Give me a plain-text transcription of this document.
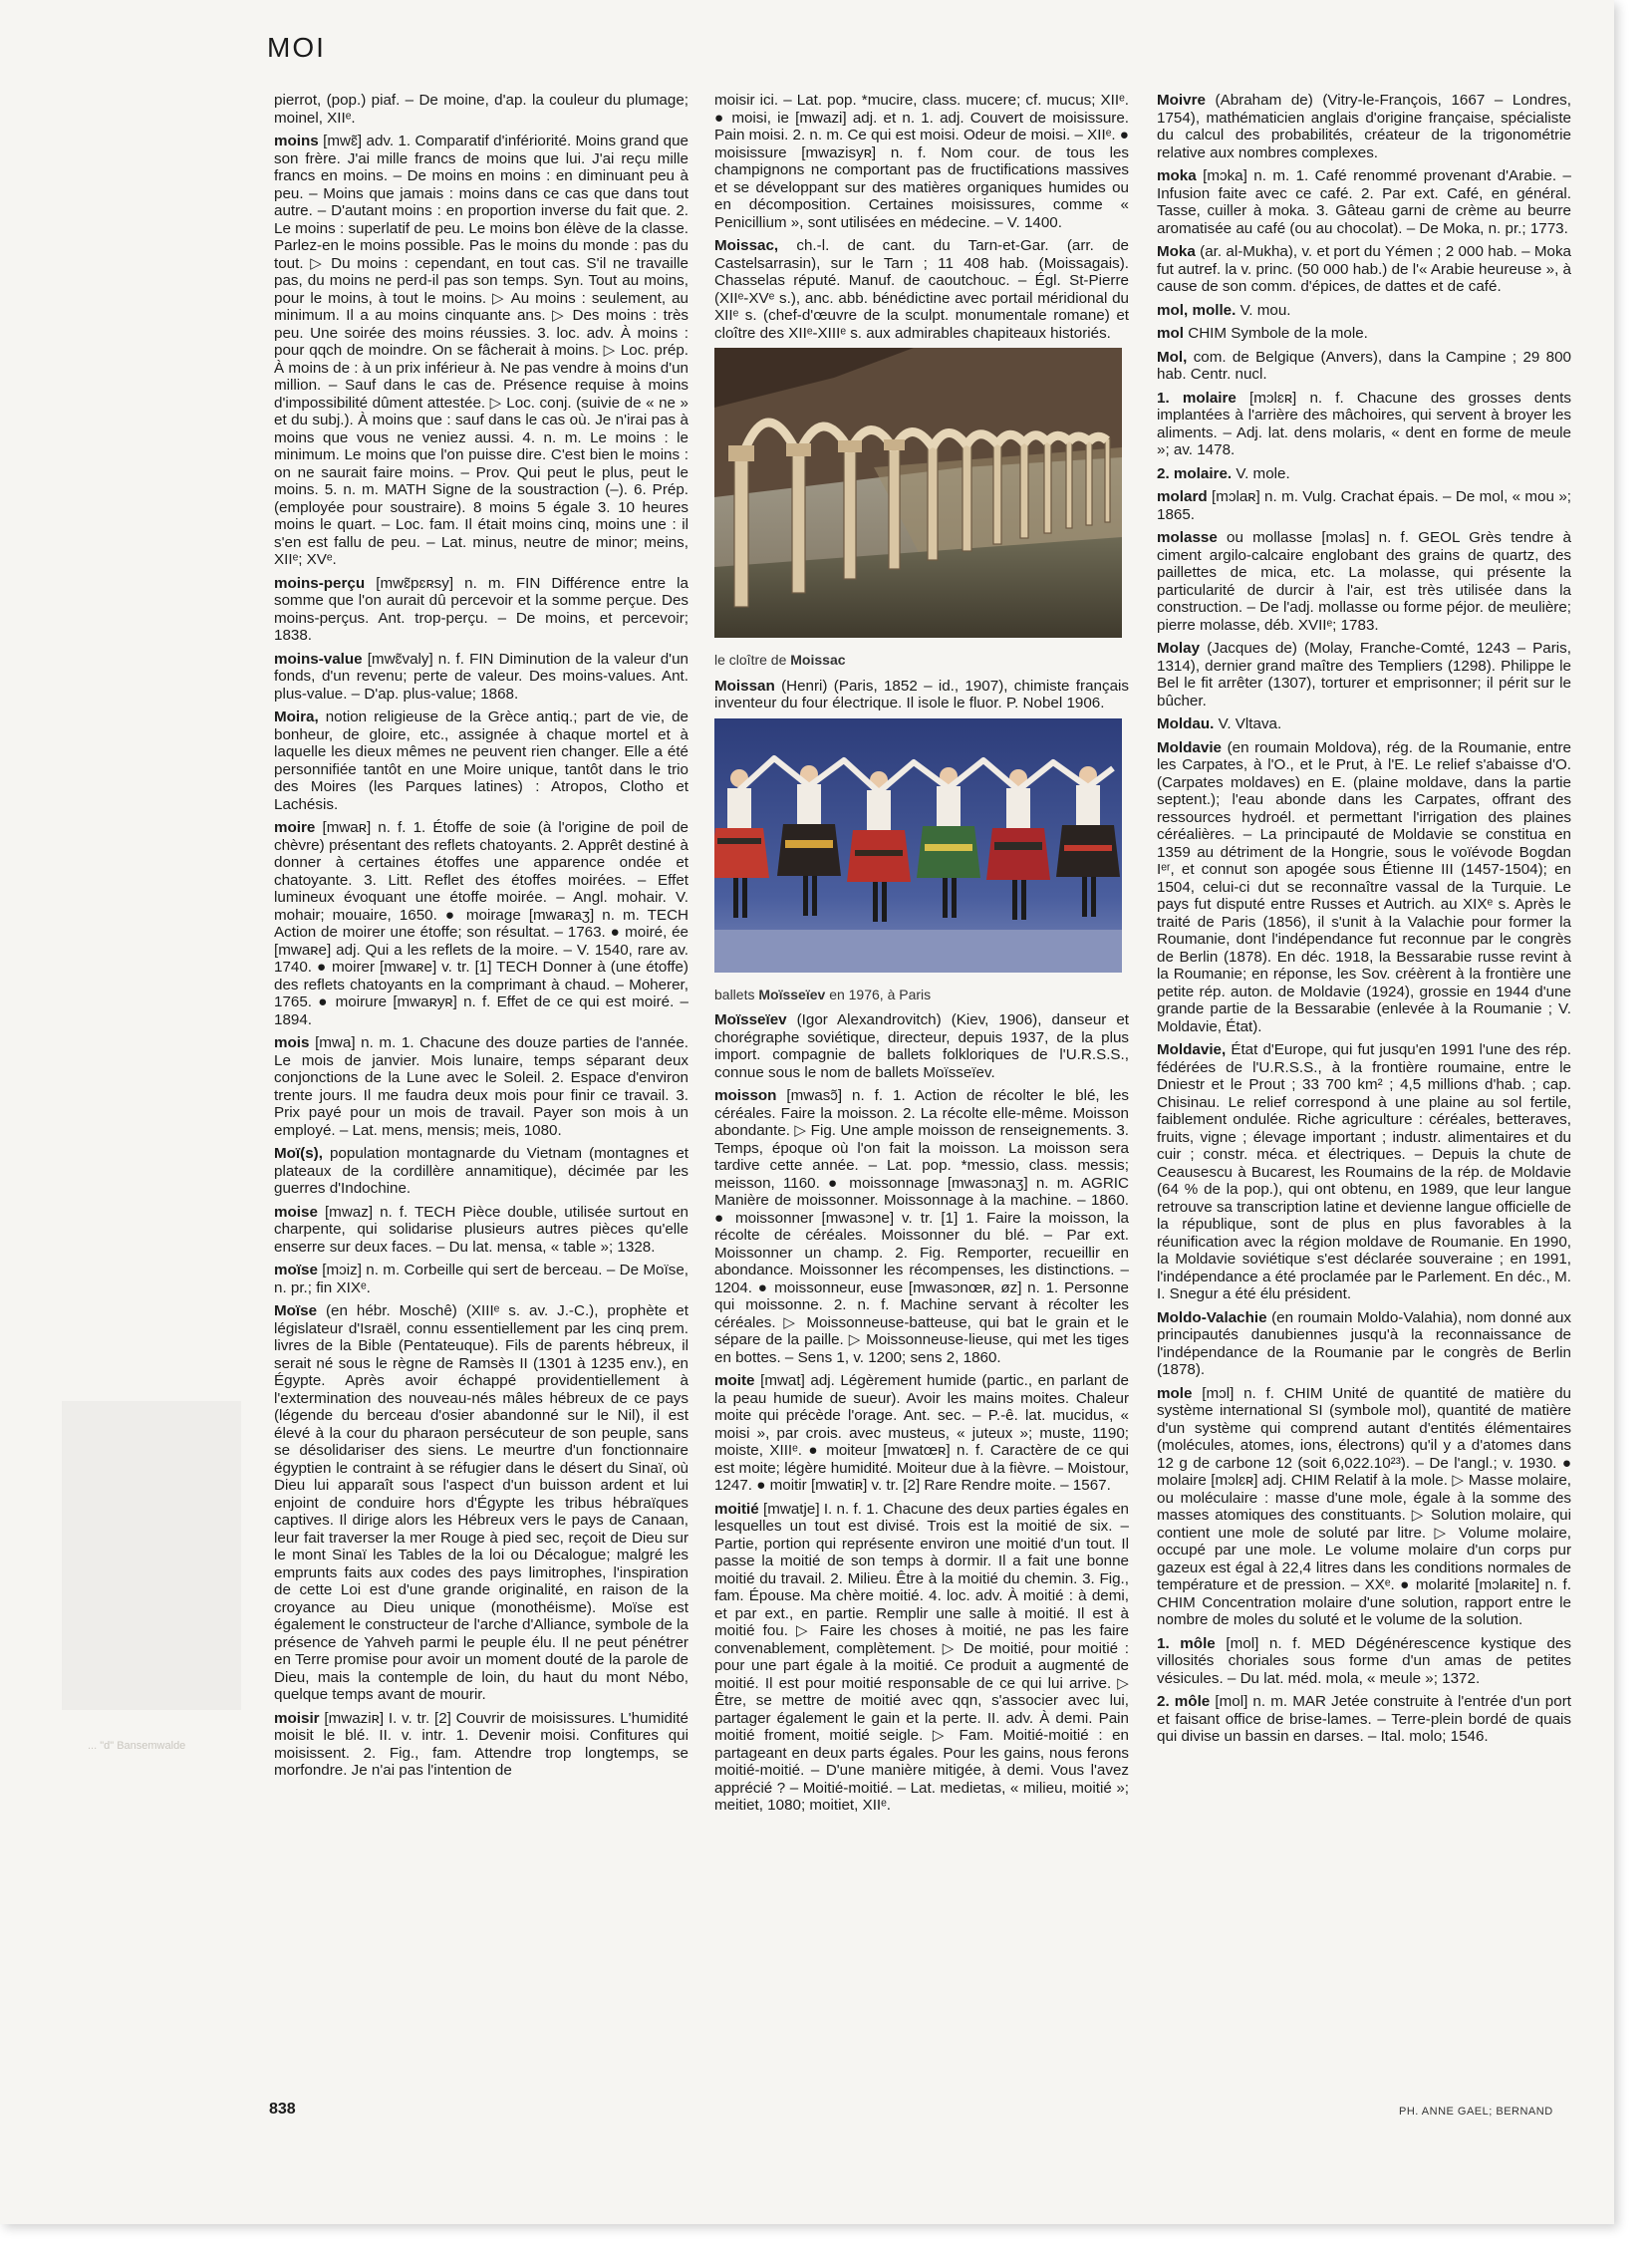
... "d" Bansemwalde
MOI

pierrot, (pop.) piaf. – De moine, d'ap. la couleur du plumage; moinel, XIIᵉ.

moins [mwɛ̃] adv. 1. Comparatif d'infériorité. Moins grand que son frère. J'ai mille francs de moins que lui. J'ai reçu mille francs en moins. – De moins en moins : en diminuant peu à peu. – Moins que jamais : moins dans ce cas que dans tout autre. – D'autant moins : en proportion inverse du fait que. 2. Le moins : superlatif de peu. Le moins bon élève de la classe. Parlez-en le moins possible. Pas le moins du monde : pas du tout. ▷ Du moins : cependant, en tout cas. S'il ne travaille pas, du moins ne perd-il pas son temps. Syn. Tout au moins, pour le moins, à tout le moins. ▷ Au moins : seulement, au minimum. Il a au moins cinquante ans. ▷ Des moins : très peu. Une soirée des moins réussies. 3. loc. adv. À moins : pour qqch de moindre. On se fâcherait à moins. ▷ Loc. prép. À moins de : à un prix inférieur à. Ne pas vendre à moins d'un million. – Sauf dans le cas de. Présence requise à moins d'impossibilité dûment attestée. ▷ Loc. conj. (suivie de « ne » et du subj.). À moins que : sauf dans le cas où. Je n'irai pas à moins que vous ne veniez aussi. 4. n. m. Le moins : le minimum. Le moins que l'on puisse dire. C'est bien le moins : on ne saurait faire moins. – Prov. Qui peut le plus, peut le moins. 5. n. m. MATH Signe de la soustraction (–). 6. Prép. (employée pour soustraire). 8 moins 5 égale 3. 10 heures moins le quart. – Loc. fam. Il était moins cinq, moins une : il s'en est fallu de peu. – Lat. minus, neutre de minor; meins, XIIᵉ; XVᵉ.

moins-perçu [mwɛ̃pɛʀsy] n. m. FIN Différence entre la somme que l'on aurait dû percevoir et la somme perçue. Des moins-perçus. Ant. trop-perçu. – De moins, et percevoir; 1838.

moins-value [mwɛ̃valy] n. f. FIN Diminution de la valeur d'un fonds, d'un revenu; perte de valeur. Des moins-values. Ant. plus-value. – D'ap. plus-value; 1868.

Moira, notion religieuse de la Grèce antiq.; part de vie, de bonheur, de gloire, etc., assignée à chaque mortel et à laquelle les dieux mêmes ne peuvent rien changer. Elle a été personnifiée tantôt en une Moire unique, tantôt dans le trio des Moires (les Parques latines) : Atropos, Clotho et Lachésis.

moire [mwaʀ] n. f. 1. Étoffe de soie (à l'origine de poil de chèvre) présentant des reflets chatoyants. 2. Apprêt destiné à donner à certaines étoffes une apparence ondée et chatoyante. 3. Litt. Reflet des étoffes moirées. – Effet lumineux évoquant une étoffe moirée. – Angl. mohair. V. mohair; mouaire, 1650. ● moirage [mwaʀaʒ] n. m. TECH Action de moirer une étoffe; son résultat. – 1763. ● moiré, ée [mwaʀe] adj. Qui a les reflets de la moire. – V. 1540, rare av. 1740. ● moirer [mwaʀe] v. tr. [1] TECH Donner à (une étoffe) des reflets chatoyants en la comprimant à chaud. – Moherer, 1765. ● moirure [mwaʀyʀ] n. f. Effet de ce qui est moiré. – 1894.

mois [mwa] n. m. 1. Chacune des douze parties de l'année. Le mois de janvier. Mois lunaire, temps séparant deux conjonctions de la Lune avec le Soleil. 2. Espace d'environ trente jours. Il me faudra deux mois pour finir ce travail. 3. Prix payé pour un mois de travail. Payer son mois à un employé. – Lat. mens, mensis; meis, 1080.

Moï(s), population montagnarde du Vietnam (montagnes et plateaux de la cordillère annamitique), décimée par les guerres d'Indochine.

moise [mwaz] n. f. TECH Pièce double, utilisée surtout en charpente, qui solidarise plusieurs autres pièces qu'elle enserre sur deux faces. – Du lat. mensa, « table »; 1328.

moïse [mɔiz] n. m. Corbeille qui sert de berceau. – De Moïse, n. pr.; fin XIXᵉ.

Moïse (en hébr. Moschê) (XIIIᵉ s. av. J.-C.), prophète et législateur d'Israël, connu essentiellement par les cinq prem. livres de la Bible (Pentateuque). Fils de parents hébreux, il serait né sous le règne de Ramsès II (1301 à 1235 env.), en Égypte. Après avoir échappé providentiellement à l'extermination des nouveau-nés mâles hébreux de ce pays (légende du berceau d'osier abandonné sur le Nil), il est élevé à la cour du pharaon persécuteur de son peuple, sans se désolidariser des siens. Le meurtre d'un fonctionnaire égyptien le contraint à se réfugier dans le désert du Sinaï, où Dieu lui apparaît sous l'aspect d'un buisson ardent et lui enjoint de conduire hors d'Égypte les tribus hébraïques captives. Il dirige alors les Hébreux vers le pays de Canaan, leur fait traverser la mer Rouge à pied sec, reçoit de Dieu sur le mont Sinaï les Tables de la loi ou Décalogue; malgré les emprunts faits aux codes des pays limitrophes, l'inspiration de cette Loi est d'une grande originalité, en raison de la croyance au Dieu unique (monothéisme). Moïse est également le constructeur de l'arche d'Alliance, symbole de la présence de Yahveh parmi le peuple élu. Il ne peut pénétrer en Terre promise pour avoir un moment douté de la parole de Dieu, mais la contemple de loin, du haut du mont Nébo, quelque temps avant de mourir.

moisir [mwaziʀ] I. v. tr. [2] Couvrir de moisissures. L'humidité moisit le blé. II. v. intr. 1. Devenir moisi. Confitures qui moisissent. 2. Fig., fam. Attendre trop longtemps, se morfondre. Je n'ai pas l'intention de

moisir ici. – Lat. pop. *mucire, class. mucere; cf. mucus; XIIᵉ. ● moisi, ie [mwazi] adj. et n. 1. adj. Couvert de moisissure. Pain moisi. 2. n. m. Ce qui est moisi. Odeur de moisi. – XIIᵉ. ● moisissure [mwazisyʀ] n. f. Nom cour. de tous les champignons ne comportant pas de fructifications massives et se développant sur des matières organiques humides ou en décomposition. Certaines moisissures, comme « Penicillium », sont utilisées en médecine. – V. 1400.

Moissac, ch.-l. de cant. du Tarn-et-Gar. (arr. de Castelsarrasin), sur le Tarn ; 11 408 hab. (Moissagais). Chasselas réputé. Manuf. de caoutchouc. – Égl. St-Pierre (XIIᵉ-XVᵉ s.), anc. abb. bénédictine avec portail méridional du XIIᵉ s. (chef-d'œuvre de la sculpt. monumentale romane) et cloître des XIIᵉ-XIIIᵉ s. aux admirables chapiteaux historiés.

le cloître de Moissac

Moissan (Henri) (Paris, 1852 – id., 1907), chimiste français inventeur du four électrique. Il isole le fluor. P. Nobel 1906.

ballets Moïsseïev en 1976, à Paris

Moïsseïev (Igor Alexandrovitch) (Kiev, 1906), danseur et chorégraphe soviétique, directeur, depuis 1937, de la plus import. compagnie de ballets folkloriques de l'U.R.S.S., connue sous le nom de ballets Moïsseïev.

moisson [mwasɔ̃] n. f. 1. Action de récolter le blé, les céréales. Faire la moisson. 2. La récolte elle-même. Moisson abondante. ▷ Fig. Une ample moisson de renseignements. 3. Temps, époque où l'on fait la moisson. La moisson sera tardive cette année. – Lat. pop. *messio, class. messis; meisson, 1160. ● moissonnage [mwasɔnaʒ] n. m. AGRIC Manière de moissonner. Moissonnage à la machine. – 1860. ● moissonner [mwasɔne] v. tr. [1] 1. Faire la moisson, la récolte de céréales. Moissonner du blé. – Par ext. Moissonner un champ. 2. Fig. Remporter, recueillir en abondance. Moissonner les récompenses, les distinctions. – 1204. ● moissonneur, euse [mwasɔnœʀ, øz] n. 1. Personne qui moissonne. 2. n. f. Machine servant à récolter les céréales. ▷ Moissonneuse-batteuse, qui bat le grain et le sépare de la paille. ▷ Moissonneuse-lieuse, qui met les tiges en bottes. – Sens 1, v. 1200; sens 2, 1860.

moite [mwat] adj. Légèrement humide (partic., en parlant de la peau humide de sueur). Avoir les mains moites. Chaleur moite qui précède l'orage. Ant. sec. – P.-ê. lat. mucidus, « moisi », par crois. avec musteus, « juteux »; muste, 1190; moiste, XIIIᵉ. ● moiteur [mwatœʀ] n. f. Caractère de ce qui est moite; légère humidité. Moiteur due à la fièvre. – Moistour, 1247. ● moitir [mwatiʀ] v. tr. [2] Rare Rendre moite. – 1567.

moitié [mwatje] I. n. f. 1. Chacune des deux parties égales en lesquelles un tout est divisé. Trois est la moitié de six. – Partie, portion qui représente environ une moitié d'un tout. Il passe la moitié de son temps à dormir. Il a fait une bonne moitié du travail. 2. Milieu. Être à la moitié du chemin. 3. Fig., fam. Épouse. Ma chère moitié. 4. loc. adv. À moitié : à demi, et par ext., en partie. Remplir une salle à moitié. Il est à moitié fou. ▷ Faire les choses à moitié, ne pas les faire convenablement, complètement. ▷ De moitié, pour moitié : pour une part égale à la moitié. Ce produit a augmenté de moitié. Il est pour moitié responsable de ce qui lui arrive. ▷ Être, se mettre de moitié avec qqn, s'associer avec lui, partager également le gain et la perte. II. adv. À demi. Pain moitié froment, moitié seigle. ▷ Fam. Moitié-moitié : en partageant en deux parts égales. Pour les gains, nous ferons moitié-moitié. – D'une manière mitigée, à demi. Vous l'avez apprécié ? – Moitié-moitié. – Lat. medietas, « milieu, moitié »; meitiet, 1080; moitiet, XIIᵉ.

Moivre (Abraham de) (Vitry-le-François, 1667 – Londres, 1754), mathématicien anglais d'origine française, spécialiste du calcul des probabilités, créateur de la trigonométrie relative aux nombres complexes.

moka [mɔka] n. m. 1. Café renommé provenant d'Arabie. – Infusion faite avec ce café. 2. Par ext. Café, en général. Tasse, cuiller à moka. 3. Gâteau garni de crème au beurre aromatisée au café (ou au chocolat). – De Moka, n. pr.; 1773.

Moka (ar. al-Mukha), v. et port du Yémen ; 2 000 hab. – Moka fut autref. la v. princ. (50 000 hab.) de l'« Arabie heureuse », à cause de son comm. d'épices, de dattes et de café.

mol, molle. V. mou.

mol CHIM Symbole de la mole.

Mol, com. de Belgique (Anvers), dans la Campine ; 29 800 hab. Centr. nucl.

1. molaire [mɔlɛʀ] n. f. Chacune des grosses dents implantées à l'arrière des mâchoires, qui servent à broyer les aliments. – Adj. lat. dens molaris, « dent en forme de meule »; av. 1478.

2. molaire. V. mole.

molard [mɔlaʀ] n. m. Vulg. Crachat épais. – De mol, « mou »; 1865.

molasse ou mollasse [mɔlas] n. f. GEOL Grès tendre à ciment argilo-calcaire englobant des grains de quartz, des paillettes de mica, etc. La molasse, qui présente la particularité de durcir à l'air, est très utilisée dans la construction. – De l'adj. mollasse ou forme péjor. de meulière; pierre molasse, déb. XVIIᵉ; 1783.

Molay (Jacques de) (Molay, Franche-Comté, 1243 – Paris, 1314), dernier grand maître des Templiers (1298). Philippe le Bel le fit arrêter (1307), torturer et emprisonner; il périt sur le bûcher.

Moldau. V. Vltava.

Moldavie (en roumain Moldova), rég. de la Roumanie, entre les Carpates, à l'O., et le Prut, à l'E. Le relief s'abaisse d'O. (Carpates moldaves) en E. (plaine moldave, dans la partie septent.); l'eau abonde dans les Carpates, offrant des ressources hydroél. et permettant l'irrigation des plaines céréalières. – La principauté de Moldavie se constitua en 1359 au détriment de la Hongrie, sous le voïévode Bogdan Iᵉʳ, et connut son apogée sous Étienne III (1457-1504); en 1504, celui-ci dut se reconnaître vassal de la Turquie. Le pays fut disputé entre Russes et Autrich. au XIXᵉ s. Après le traité de Paris (1856), il s'unit à la Valachie pour former la Roumanie, dont l'indépendance fut reconnue par le congrès de Berlin (1878). En déc. 1918, la Bessarabie russe revint à la Roumanie; en réponse, les Sov. créèrent à la frontière une petite rép. auton. de Moldavie (1924), grossie en 1944 d'une grande partie de la Bessarabie (enlevée à la Roumanie ; V. Moldavie, État).

Moldavie, État d'Europe, qui fut jusqu'en 1991 l'une des rép. fédérées de l'U.R.S.S., à la frontière roumaine, entre le Dniestr et le Prout ; 33 700 km² ; 4,5 millions d'hab. ; cap. Chisinau. Le relief correspond à une plaine au sol fertile, faiblement ondulée. Riche agriculture : céréales, betteraves, fruits, vigne ; élevage important ; industr. alimentaires et du cuir ; constr. méca. et électriques. – Depuis la chute de Ceausescu à Bucarest, les Roumains de la rép. de Moldavie (64 % de la pop.), qui ont obtenu, en 1989, que leur langue retrouve sa transcription latine et devienne langue officielle de la république, sont de plus en plus favorables à la réunification avec la région moldave de Roumanie. En 1990, la Moldavie soviétique s'est déclarée souveraine ; en 1991, l'indépendance a été proclamée par le Parlement. En déc., M. I. Snegur a été élu président.

Moldo-Valachie (en roumain Moldo-Valahia), nom donné aux principautés danubiennes jusqu'à la reconnaissance de l'indépendance de la Roumanie par le congrès de Berlin (1878).

mole [mɔl] n. f. CHIM Unité de quantité de matière du système international SI (symbole mol), quantité de matière d'un système qui comprend autant d'entités élémentaires (molécules, atomes, ions, électrons) qu'il y a d'atomes dans 12 g de carbone 12 (soit 6,022.10²³). – De l'angl.; v. 1930. ● molaire [mɔlɛʀ] adj. CHIM Relatif à la mole. ▷ Masse molaire, ou moléculaire : masse d'une mole, égale à la somme des masses atomiques des constituants. ▷ Solution molaire, qui contient une mole de soluté par litre. ▷ Volume molaire, occupé par une mole. Le volume molaire d'un corps pur gazeux est égal à 22,4 litres dans les conditions normales de température et de pression. – XXᵉ. ● molarité [mɔlaʀite] n. f. CHIM Concentration molaire d'une solution, rapport entre le nombre de moles du soluté et le volume de la solution.

1. môle [mol] n. f. MED Dégénérescence kystique des villosités choriales sous forme d'un amas de petites vésicules. – Du lat. méd. mola, « meule »; 1372.

2. môle [mol] n. m. MAR Jetée construite à l'entrée d'un port et faisant office de brise-lames. – Terre-plein bordé de quais qui divise un bassin en darses. – Ital. molo; 1546.

838	PH. ANNE GAEL; BERNAND
